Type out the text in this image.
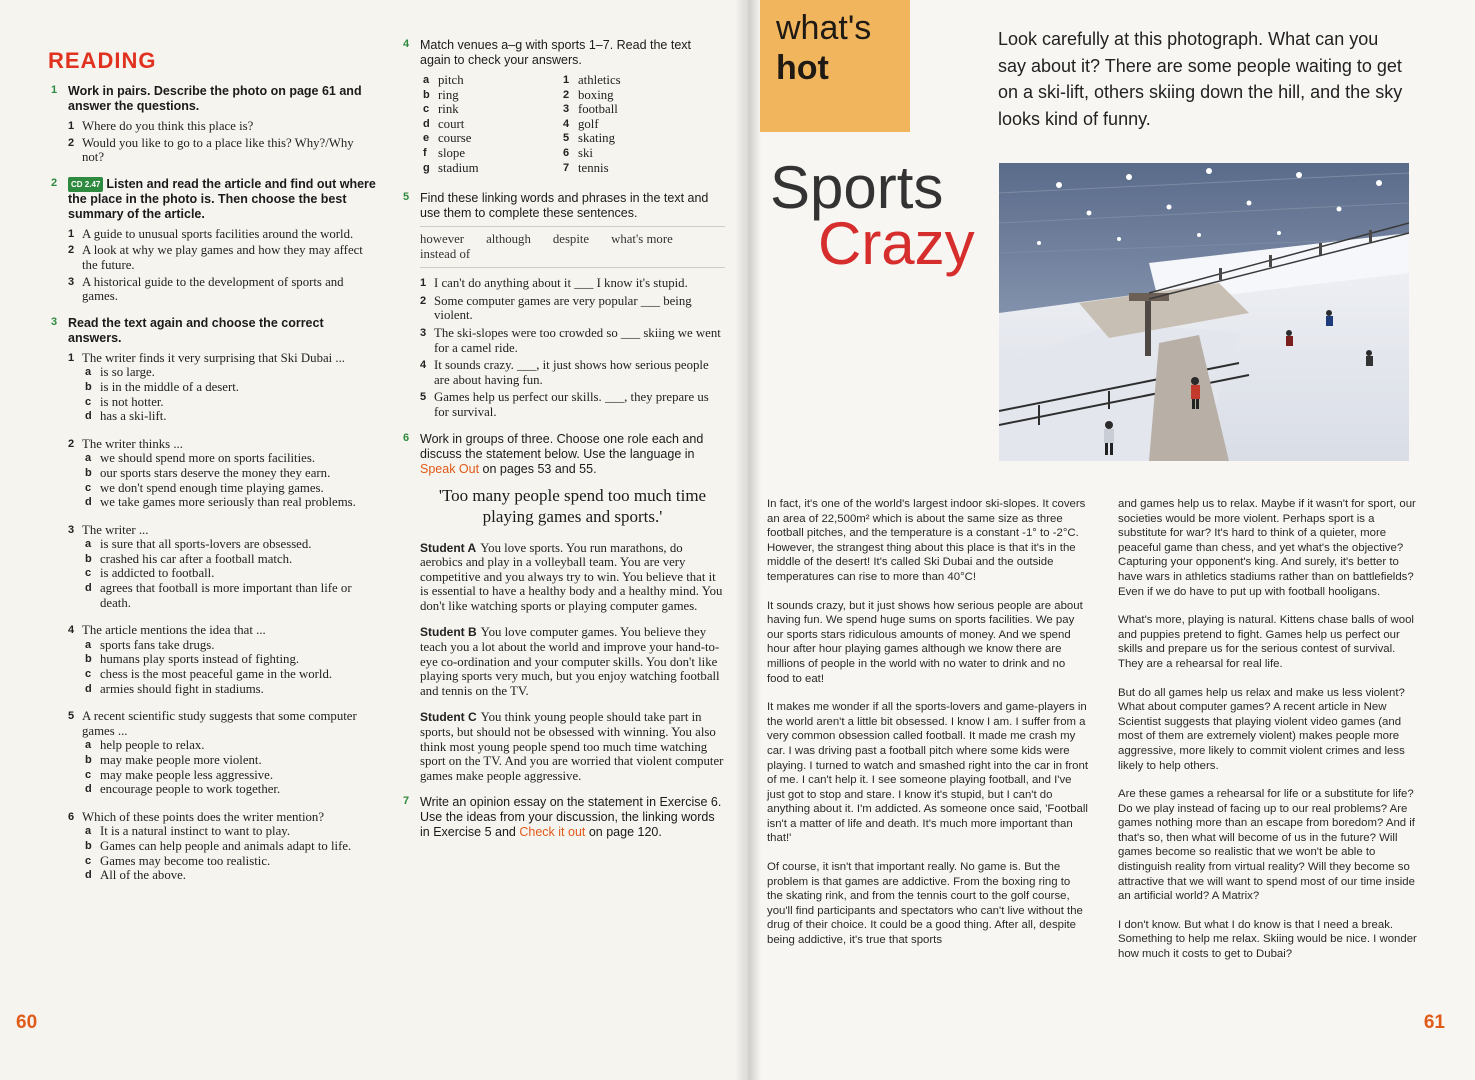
READING
1 Work in pairs. Describe the photo on page 61 and answer the questions.
1 Where do you think this place is?
2 Would you like to go to a place like this? Why?/Why not?
2	CD 2.47 Listen and read the article and find out where the place in the photo is. Then choose the best summary of the article.
1 A guide to unusual sports facilities around the world.
2 A look at why we play games and how they may affect the future.
3 A historical guide to the development of sports and games.
3 Read the text again and choose the correct answers.
1 The writer finds it very surprising that Ski Dubai ...
a is so large.
b is in the middle of a desert.
c is not hotter.
d has a ski-lift.
2 The writer thinks ...
a we should spend more on sports facilities.
b our sports stars deserve the money they earn.
c we don't spend enough time playing games.
d we take games more seriously than real problems.
3 The writer ...
a is sure that all sports-lovers are obsessed.
b crashed his car after a football match.
c is addicted to football.
d agrees that football is more important than life or death.
4 The article mentions the idea that ...
a sports fans take drugs.
b humans play sports instead of fighting.
c chess is the most peaceful game in the world.
d armies should fight in stadiums.
5 A recent scientific study suggests that some computer games ...
a help people to relax.
b may make people more violent.
c may make people less aggressive.
d encourage people to work together.
6 Which of these points does the writer mention?
a It is a natural instinct to want to play.
b Games can help people and animals adapt to life.
c Games may become too realistic.
d All of the above.
4 Match venues a–g with sports 1–7. Read the text again to check your answers.
a pitch
b ring
c rink
d court
e course
f slope
g stadium
1 athletics
2 boxing
3 football
4 golf
5 skating
6 ski
7 tennis
5 Find these linking words and phrases in the text and use them to complete these sentences.
however although despite what's moreinstead of
1 I can't do anything about it ___ I know it's stupid.
2 Some computer games are very popular ___ being violent.
3 The ski-slopes were too crowded so ___ skiing we went for a camel ride.
4 It sounds crazy. ___, it just shows how serious people are about having fun.
5 Games help us perfect our skills. ___, they prepare us for survival.
6 Work in groups of three. Choose one role each and discuss the statement below. Use the language in Speak Out on pages 53 and 55.
'Too many people spend too much time playing games and sports.'
Student A You love sports. You run marathons, do aerobics and play in a volleyball team. You are very competitive and you always try to win. You believe that it is essential to have a healthy body and a healthy mind. You don't like watching sports or playing computer games.
Student B You love computer games. You believe they teach you a lot about the world and improve your hand-to-eye co-ordination and your computer skills. You don't like playing sports very much, but you enjoy watching football and tennis on the TV.
Student C You think young people should take part in sports, but should not be obsessed with winning. You also think most young people spend too much time watching sport on the TV. And you are worried that violent computer games make people aggressive.
7 Write an opinion essay on the statement in Exercise 6. Use the ideas from your discussion, the linking words in Exercise 5 and Check it out on page 120.
60
what's
hot
Look carefully at this photograph. What can you say about it? There are some people waiting to get on a ski-lift, others skiing down the hill, and the sky looks kind of funny.
Sports
Crazy

In fact, it's one of the world's largest indoor ski-slopes. It covers an area of 22,500m² which is about the same size as three football pitches, and the temperature is a constant -1° to -2°C. However, the strangest thing about this place is that it's in the middle of the desert! It's called Ski Dubai and the outside temperatures can rise to more than 40°C!

It sounds crazy, but it just shows how serious people are about having fun. We spend huge sums on sports facilities. We pay our sports stars ridiculous amounts of money. And we spend hour after hour playing games although we know there are millions of people in the world with no water to drink and no food to eat!

It makes me wonder if all the sports-lovers and game-players in the world aren't a little bit obsessed. I know I am. I suffer from a very common obsession called football. It made me crash my car. I was driving past a football pitch where some kids were playing. I turned to watch and smashed right into the car in front of me. I can't help it. I see someone playing football, and I've just got to stop and stare. I know it's stupid, but I can't do anything about it. I'm addicted. As someone once said, 'Football isn't a matter of life and death. It's much more important than that!'

Of course, it isn't that important really. No game is. But the problem is that games are addictive. From the boxing ring to the skating rink, and from the tennis court to the golf course, you'll find participants and spectators who can't live without the drug of their choice. It could be a good thing. After all, despite being addictive, it's true that sports

and games help us to relax. Maybe if it wasn't for sport, our societies would be more violent. Perhaps sport is a substitute for war? It's hard to think of a quieter, more peaceful game than chess, and yet what's the objective? Capturing your opponent's king. And surely, it's better to have wars in athletics stadiums rather than on battlefields? Even if we do have to put up with football hooligans.

What's more, playing is natural. Kittens chase balls of wool and puppies pretend to fight. Games help us perfect our skills and prepare us for the serious contest of survival. They are a rehearsal for real life.

But do all games help us relax and make us less violent? What about computer games? A recent article in New Scientist suggests that playing violent video games (and most of them are extremely violent) makes people more aggressive, more likely to commit violent crimes and less likely to help others.

Are these games a rehearsal for life or a substitute for life? Do we play instead of facing up to our real problems? Are games nothing more than an escape from boredom? And if that's so, then what will become of us in the future? Will games become so realistic that we won't be able to distinguish reality from virtual reality? Will they become so attractive that we will want to spend most of our time inside an artificial world? A Matrix?

I don't know. But what I do know is that I need a break. Something to help me relax. Skiing would be nice. I wonder how much it costs to get to Dubai?

61
